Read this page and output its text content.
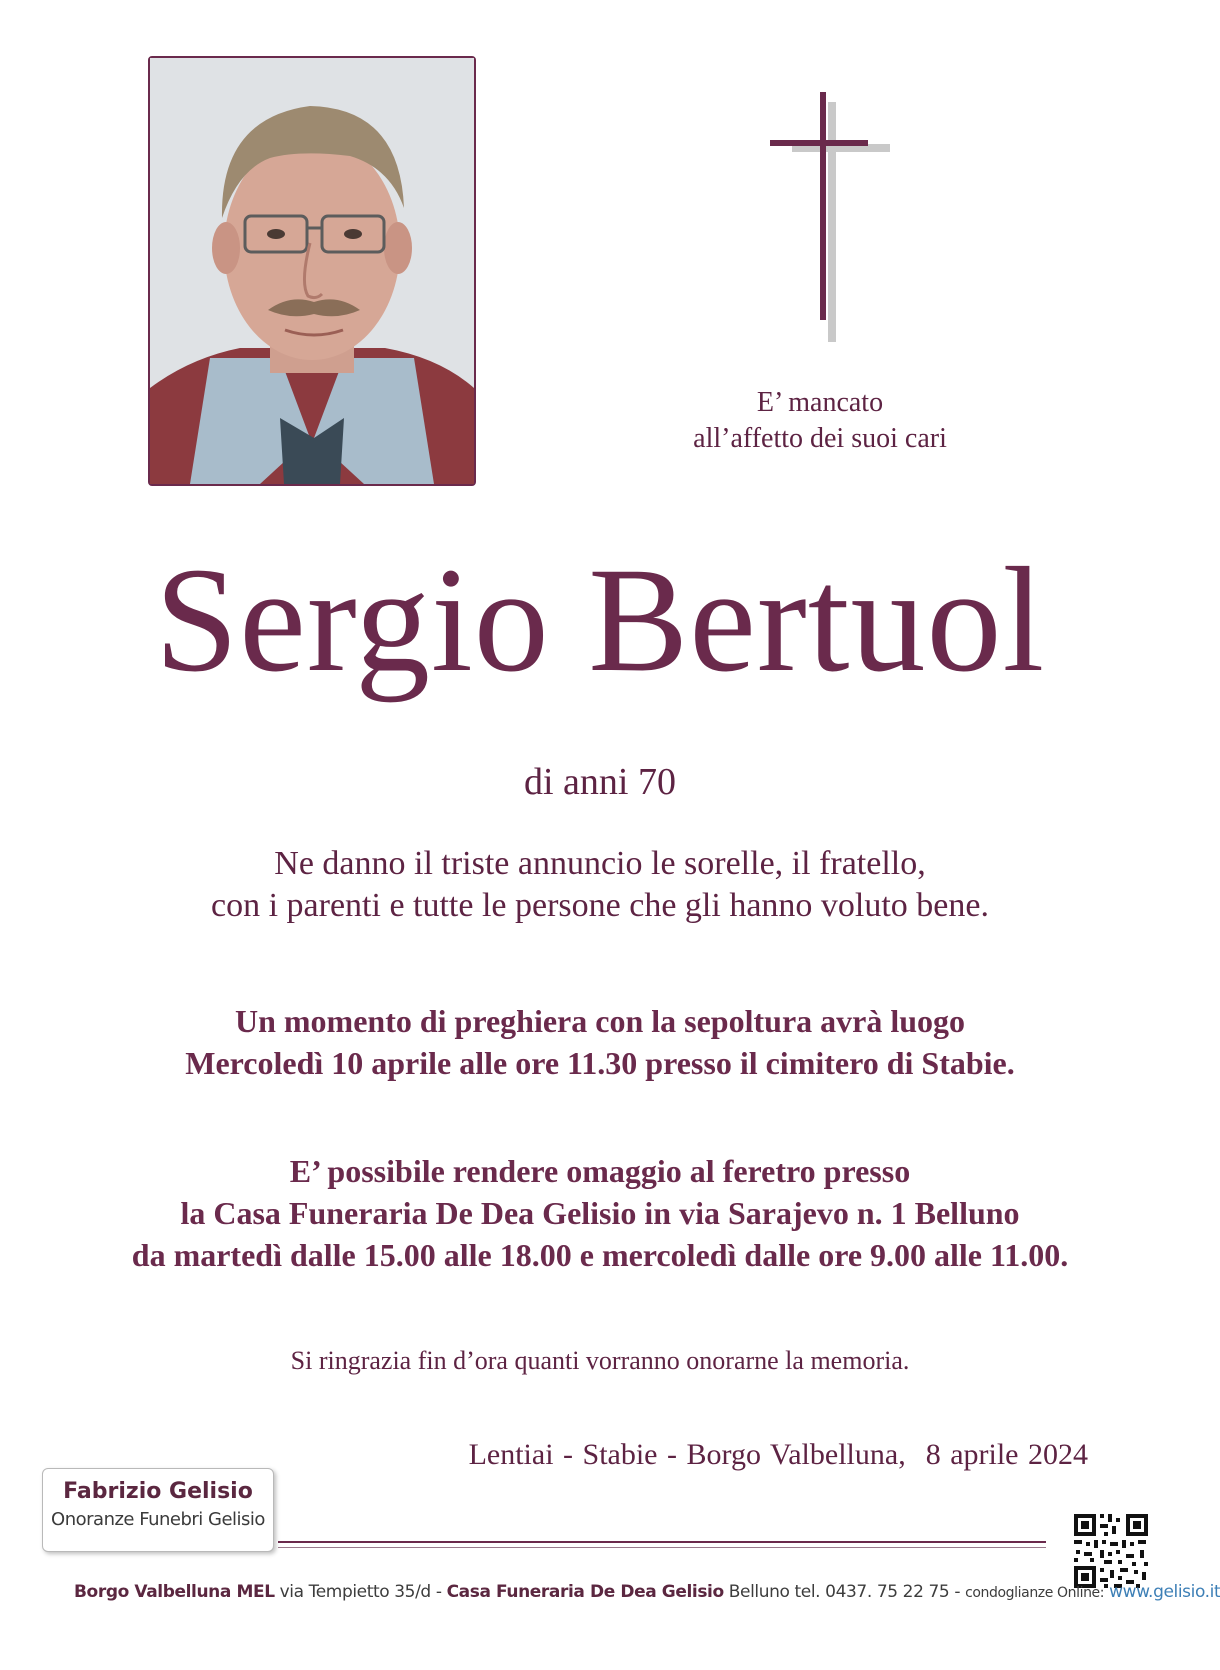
E’ mancato
all’affetto dei suoi cari
Sergio Bertuol
di anni 70
Ne danno il triste annuncio le sorelle, il fratello,
con i parenti e tutte le persone che gli hanno voluto bene.
Un momento di preghiera con la sepoltura avrà luogo
Mercoledì 10 aprile alle ore 11.30 presso il cimitero di Stabie.
E’ possibile rendere omaggio al feretro presso
la Casa Funeraria De Dea Gelisio in via Sarajevo n. 1 Belluno
da martedì dalle 15.00 alle 18.00 e mercoledì dalle ore 9.00 alle 11.00.
Si ringrazia fin d’ora quanti vorranno onorarne la memoria.
Lentiai - Stabie - Borgo Valbelluna, 8 aprile 2024
Fabrizio Gelisio
Onoranze Funebri Gelisio
Borgo Valbelluna MEL via Tempietto 35/d - Casa Funeraria De Dea Gelisio Belluno tel. 0437. 75 22 75 - condoglianze Online: www.gelisio.it
